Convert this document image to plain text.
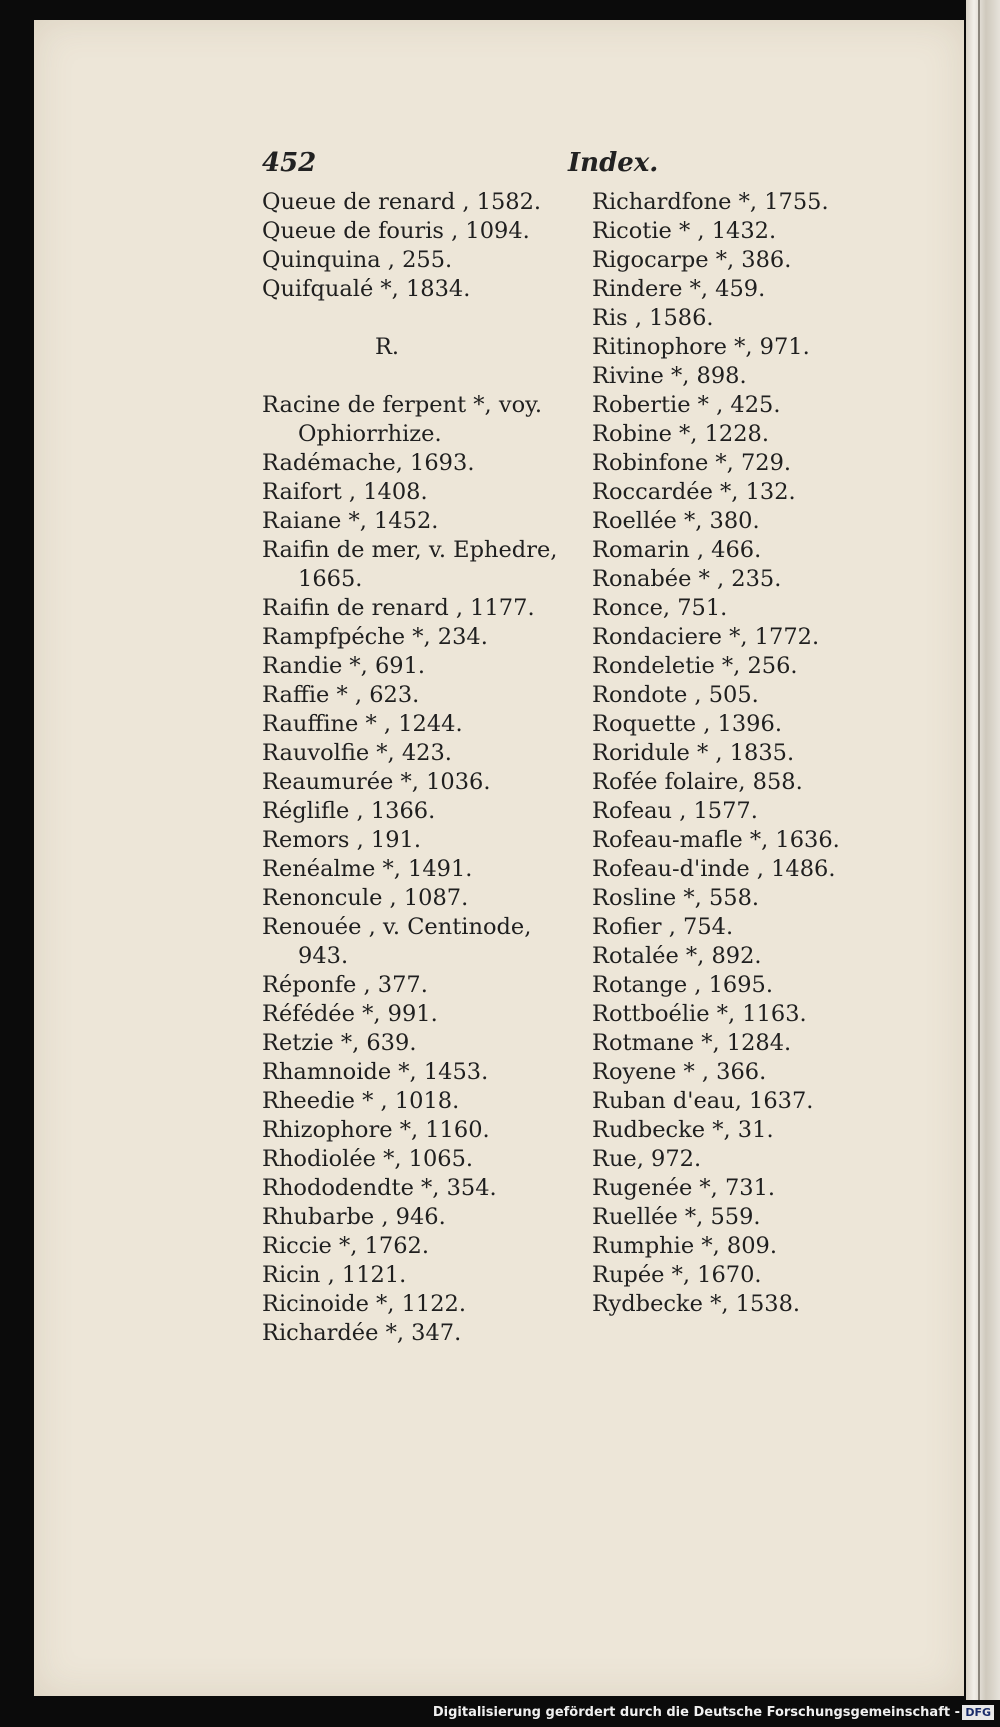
452	Index.
Queue de renard , 1582.
Queue de fouris , 1094.
Quinquina , 255.
Quifqualé *, 1834.
R.
Racine de ferpent *, voy.
Ophiorrhize.
Radémache, 1693.
Raifort , 1408.
Raiane *, 1452.
Raifin de mer, v. Ephedre,
1665.
Raifin de renard , 1177.
Rampfpéche *, 234.
Randie *, 691.
Raffie * , 623.
Rauffine * , 1244.
Rauvolfie *, 423.
Reaumurée *, 1036.
Réglifle , 1366.
Remors , 191.
Renéalme *, 1491.
Renoncule , 1087.
Renouée , v. Centinode,
943.
Réponfe , 377.
Réfédée *, 991.
Retzie *, 639.
Rhamnoide *, 1453.
Rheedie * , 1018.
Rhizophore *, 1160.
Rhodiolée *, 1065.
Rhododendte *, 354.
Rhubarbe , 946.
Riccie *, 1762.
Ricin , 1121.
Ricinoide *, 1122.
Richardée *, 347.
Richardfone *, 1755.
Ricotie * , 1432.
Rigocarpe *, 386.
Rindere *, 459.
Ris , 1586.
Ritinophore *, 971.
Rivine *, 898.
Robertie * , 425.
Robine *, 1228.
Robinfone *, 729.
Roccardée *, 132.
Roellée *, 380.
Romarin , 466.
Ronabée * , 235.
Ronce, 751.
Rondaciere *, 1772.
Rondeletie *, 256.
Rondote , 505.
Roquette , 1396.
Roridule * , 1835.
Rofée folaire, 858.
Rofeau , 1577.
Rofeau-mafle *, 1636.
Rofeau-d'inde , 1486.
Rosline *, 558.
Rofier , 754.
Rotalée *, 892.
Rotange , 1695.
Rottboélie *, 1163.
Rotmane *, 1284.
Royene * , 366.
Ruban d'eau, 1637.
Rudbecke *, 31.
Rue, 972.
Rugenée *, 731.
Ruellée *, 559.
Rumphie *, 809.
Rupée *, 1670.
Rydbecke *, 1538.
Digitalisierung gefördert durch die Deutsche Forschungsgemeinschaft - DFG
